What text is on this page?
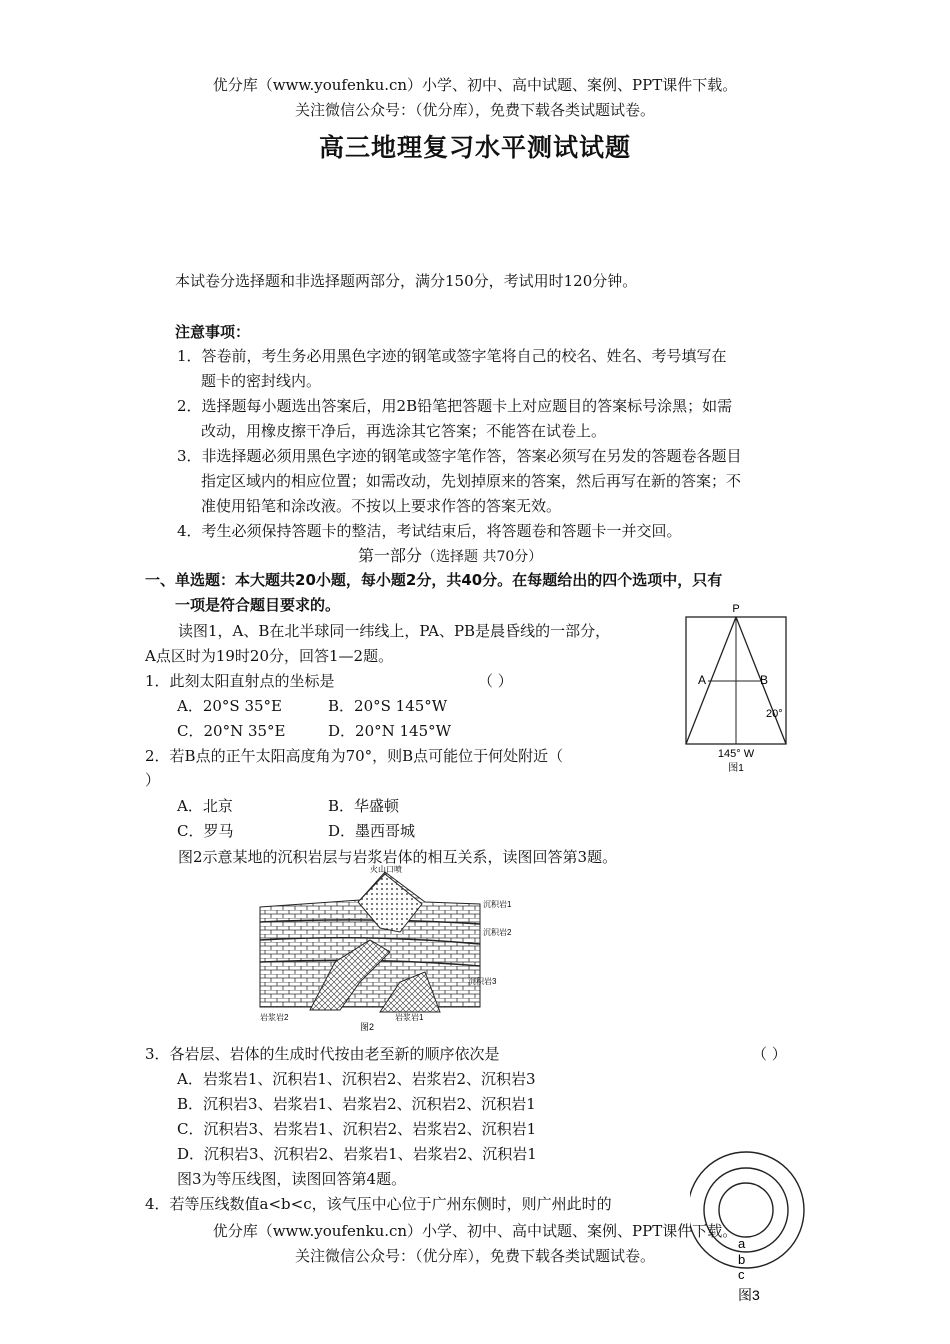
优分库（www.youfenku.cn）小学、初中、高中试题、案例、PPT课件下载。
关注微信公众号：（优分库），免费下载各类试题试卷。
高三地理复习水平测试试题
本试卷分选择题和非选择题两部分，满分150分，考试用时120分钟。
注意事项：
1．答卷前，考生务必用黑色字迹的钢笔或签字笔将自己的校名、姓名、考号填写在
题卡的密封线内。
2．选择题每小题选出答案后，用2B铅笔把答题卡上对应题目的答案标号涂黑；如需
改动，用橡皮擦干净后，再选涂其它答案；不能答在试卷上。
3．非选择题必须用黑色字迹的钢笔或签字笔作答，答案必须写在另发的答题卷各题目
指定区域内的相应位置；如需改动，先划掉原来的答案，然后再写在新的答案；不
准使用铅笔和涂改液。不按以上要求作答的答案无效。
4．考生必须保持答题卡的整洁，考试结束后，将答题卷和答题卡一并交回。
第一部分（选择题 共70分）
一、单选题：本大题共20小题，每小题2分，共40分。在每题给出的四个选项中，只有
一项是符合题目要求的。
读图1，A、B在北半球同一纬线上，PA、PB是晨昏线的一部分，
A点区时为19时20分，回答1—2题。
1．此刻太阳直射点的坐标是	（ ）
A．20°S 35°E	B．20°S 145°W
C．20°N 35°E	D．20°N 145°W
2．若B点的正午太阳高度角为70°，则B点可能位于何处附近（
）
A．北京	B．华盛顿
C．罗马	D．墨西哥城
P
A	B
20°
145° W
图1
图2示意某地的沉积岩层与岩浆岩体的相互关系，读图回答第3题。
火山口喷
沉积岩1
沉积岩2
沉积岩3
岩浆岩2	岩浆岩1
图2
3．各岩层、岩体的生成时代按由老至新的顺序依次是	（ ）
A．岩浆岩1、沉积岩1、沉积岩2、岩浆岩2、沉积岩3
B．沉积岩3、岩浆岩1、岩浆岩2、沉积岩2、沉积岩1
C．沉积岩3、岩浆岩1、沉积岩2、岩浆岩2、沉积岩1
D．沉积岩3、沉积岩2、岩浆岩1、岩浆岩2、沉积岩1
图3为等压线图，读图回答第4题。
4．若等压线数值a<b<c，该气压中心位于广州东侧时，则广州此时的
a
b
c
图3
优分库（www.youfenku.cn）小学、初中、高中试题、案例、PPT课件下载。
关注微信公众号：（优分库），免费下载各类试题试卷。
